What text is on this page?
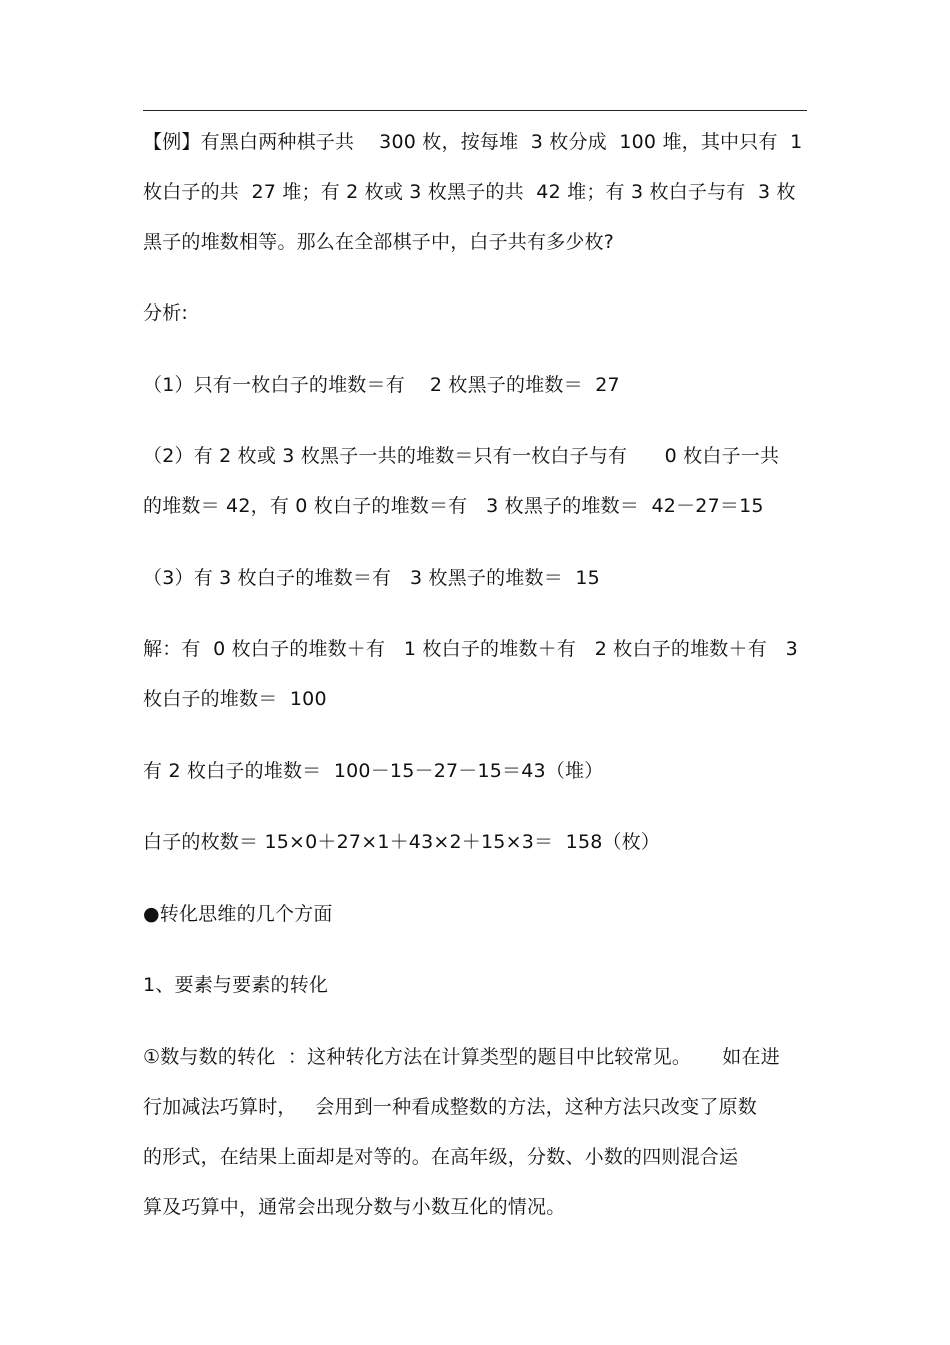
【例】有黑白两种棋子共    300 枚，按每堆  3 枚分成  100 堆，其中只有  1
枚白子的共  27 堆；有 2 枚或 3 枚黑子的共  42 堆；有 3 枚白子与有  3 枚
黑子的堆数相等。那么在全部棋子中，白子共有多少枚?
分析:
（1）只有一枚白子的堆数＝有    2 枚黑子的堆数＝  27
（2）有 2 枚或 3 枚黑子一共的堆数＝只有一枚白子与有      0 枚白子一共
的堆数＝ 42，有 0 枚白子的堆数＝有   3 枚黑子的堆数＝  42－27＝15
（3）有 3 枚白子的堆数＝有   3 枚黑子的堆数＝  15
解：有  0 枚白子的堆数＋有   1 枚白子的堆数＋有   2 枚白子的堆数＋有   3
枚白子的堆数＝  100
有 2 枚白子的堆数＝  100－15－27－15＝43（堆）
白子的枚数＝ 15×0＋27×1＋43×2＋15×3＝  158（枚）
●转化思维的几个方面
1、要素与要素的转化
①数与数的转化  ：这种转化方法在计算类型的题目中比较常见。     如在进
行加减法巧算时，   会用到一种看成整数的方法，这种方法只改变了原数
的形式，在结果上面却是对等的。在高年级，分数、小数的四则混合运
算及巧算中，通常会出现分数与小数互化的情况。
